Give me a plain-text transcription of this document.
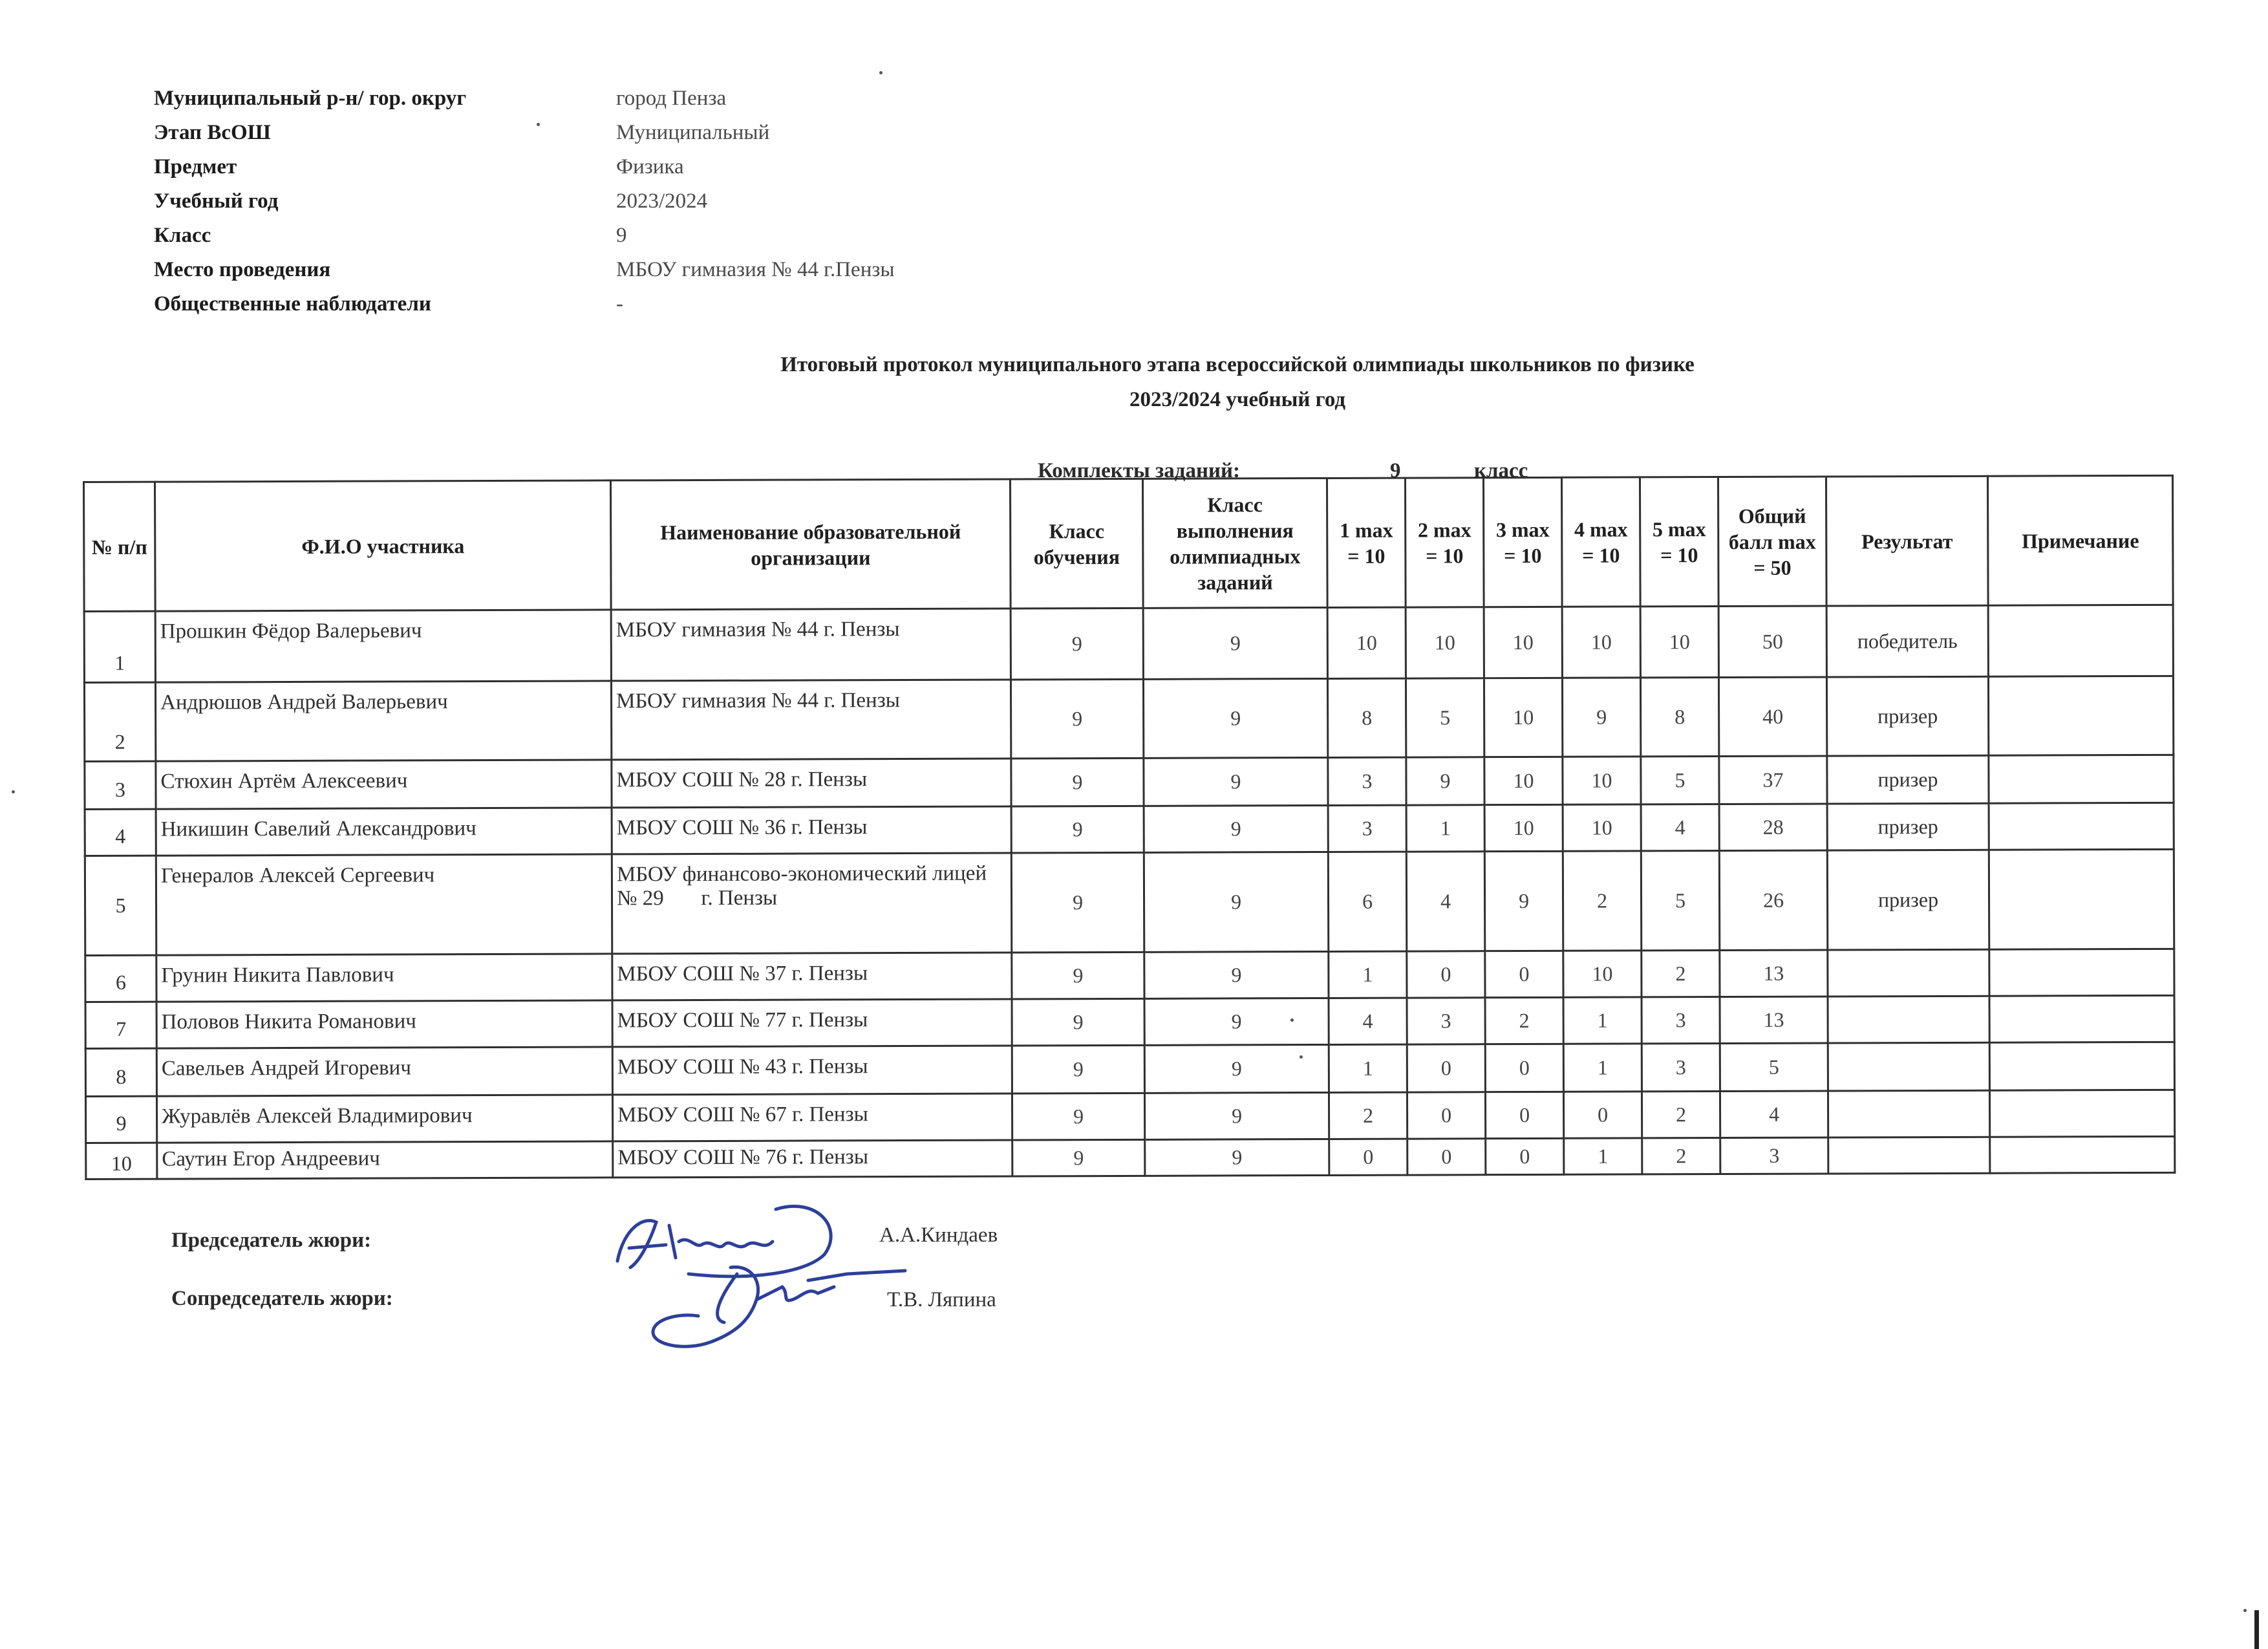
Муниципальный р-н/ гор. округ	город Пенза
Этап ВсОШ	Муниципальный
Предмет	Физика
Учебный год	2023/2024
Класс	9
Место проведения	МБОУ гимназия № 44 г.Пензы
Общественные наблюдатели	-
Итоговый протокол муниципального этапа всероссийской олимпиады школьников по физике
2023/2024 учебный год
Комплекты заданий:	9	класс
№ п/п	Ф.И.О участника	Наименование образовательной организации	Класс обучения	Класс выполнения олимпиадных заданий	1 max = 10	2 max = 10	3 max = 10	4 max = 10	5 max = 10	Общий балл max = 50	Результат	Примечание
1	Прошкин Фёдор Валерьевич	МБОУ гимназия № 44 г. Пензы	9	9	10	10	10	10	10	50	победитель	
2	Андрюшов Андрей Валерьевич	МБОУ гимназия № 44 г. Пензы	9	9	8	5	10	9	8	40	призер	
3	Стюхин Артём Алексеевич	МБОУ СОШ № 28 г. Пензы	9	9	3	9	10	10	5	37	призер	
4	Никишин Савелий Александрович	МБОУ СОШ № 36 г. Пензы	9	9	3	1	10	10	4	28	призер	
5	Генералов Алексей Сергеевич	МБОУ финансово-экономический лицей    № 29       г. Пензы	9	9	6	4	9	2	5	26	призер	
6	Грунин Никита Павлович	МБОУ СОШ № 37 г. Пензы	9	9	1	0	0	10	2	13		
7	Половов Никита Романович	МБОУ СОШ № 77 г. Пензы	9	9	4	3	2	1	3	13		
8	Савельев Андрей Игоревич	МБОУ СОШ № 43 г. Пензы	9	9	1	0	0	1	3	5		
9	Журавлёв Алексей Владимирович	МБОУ СОШ № 67 г. Пензы	9	9	2	0	0	0	2	4		
10	Саутин Егор Андреевич	МБОУ СОШ № 76 г. Пензы	9	9	0	0	0	1	2	3		
Председатель жюри:	А.А.Киндаев
Сопредседатель жюри:	Т.В. Ляпина
